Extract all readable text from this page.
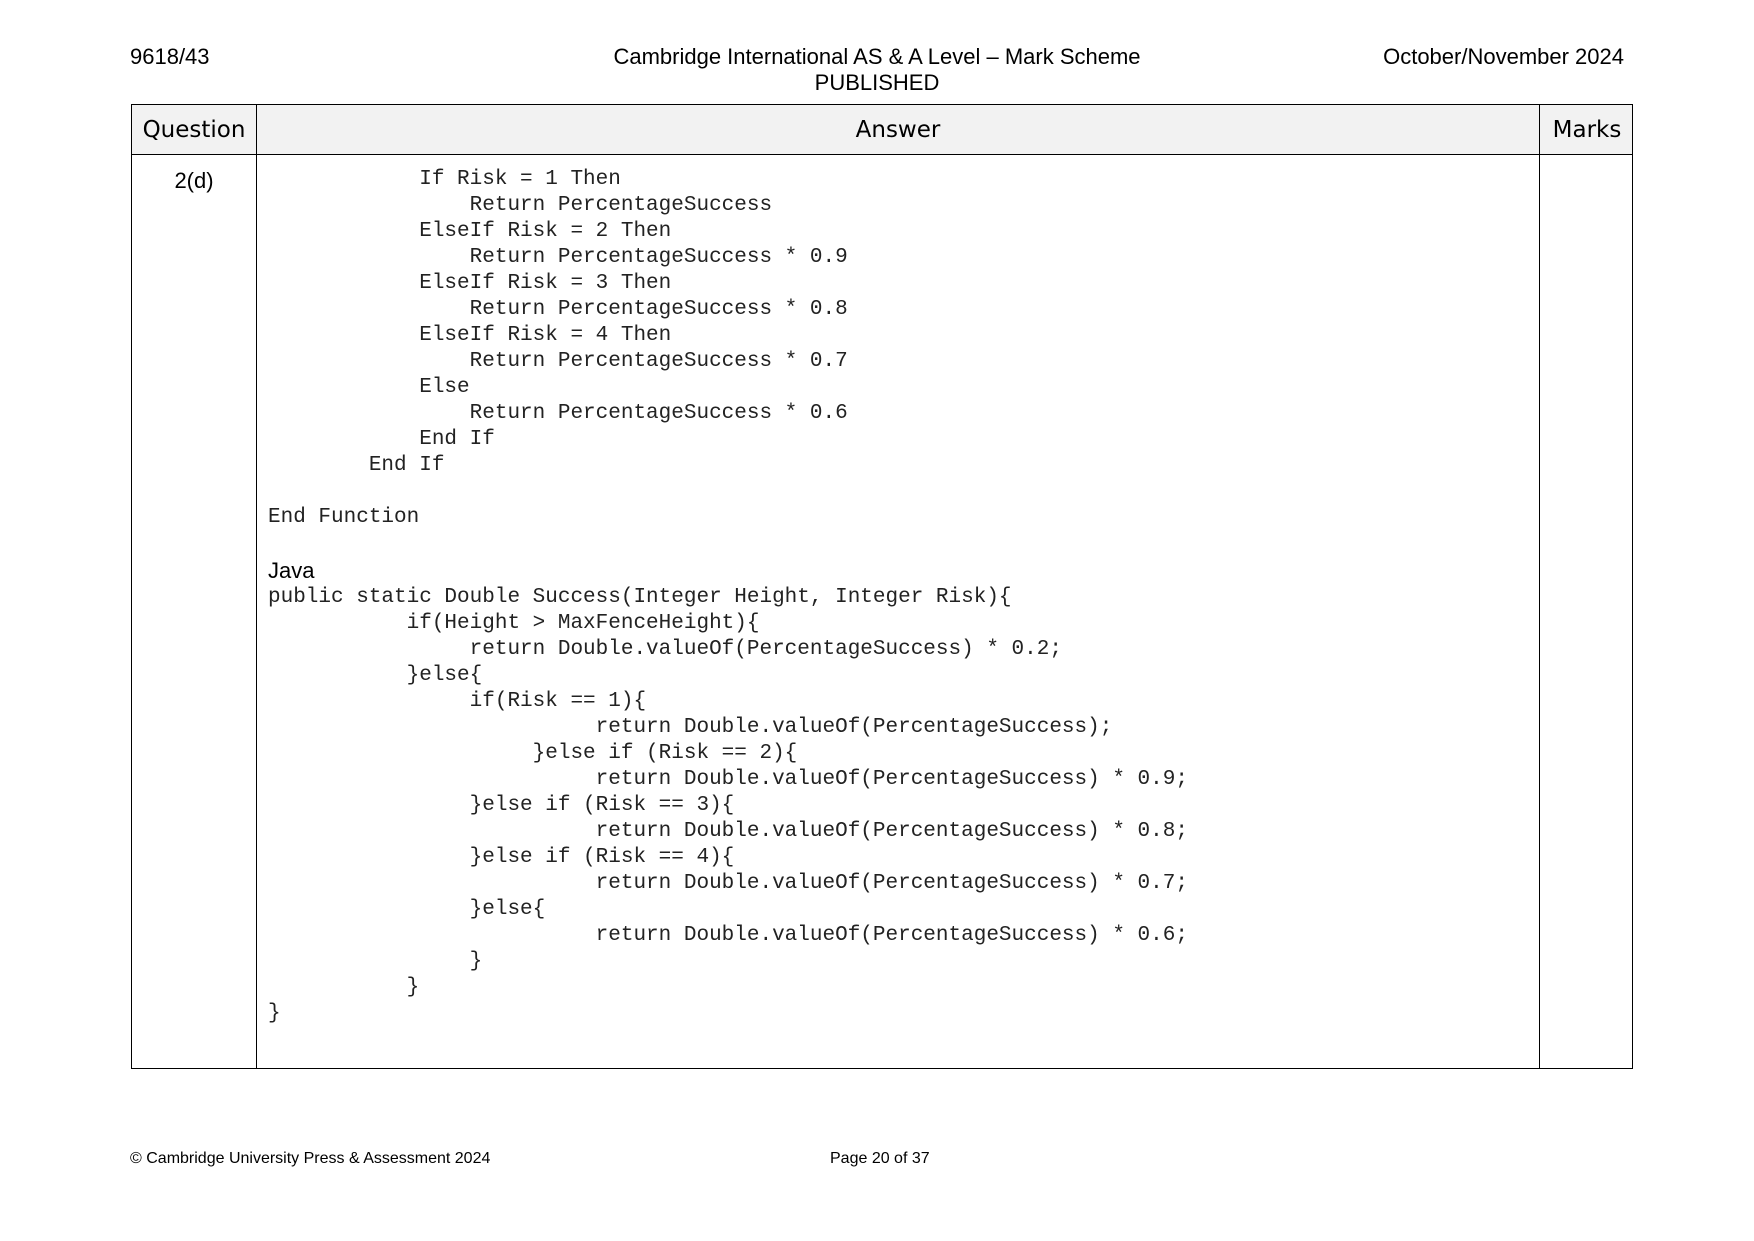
9618/43	Cambridge International AS & A Level – Mark Scheme
PUBLISHED
October/November 2024
Question	Answer	Marks
2(d)	If Risk = 1 Then
Return PercentageSuccess
ElseIf Risk = 2 Then
Return PercentageSuccess * 0.9
ElseIf Risk = 3 Then
Return PercentageSuccess * 0.8
ElseIf Risk = 4 Then
Return PercentageSuccess * 0.7
Else
Return PercentageSuccess * 0.6
End If
End If

End Function
Java
public static Double Success(Integer Height, Integer Risk){
if(Height > MaxFenceHeight){
return Double.valueOf(PercentageSuccess) * 0.2;
}else{
if(Risk == 1){
return Double.valueOf(PercentageSuccess);
}else if (Risk == 2){
return Double.valueOf(PercentageSuccess) * 0.9;
}else if (Risk == 3){
return Double.valueOf(PercentageSuccess) * 0.8;
}else if (Risk == 4){
return Double.valueOf(PercentageSuccess) * 0.7;
}else{
return Double.valueOf(PercentageSuccess) * 0.6;
}
}
}
© Cambridge University Press & Assessment 2024	Page 20 of 37
